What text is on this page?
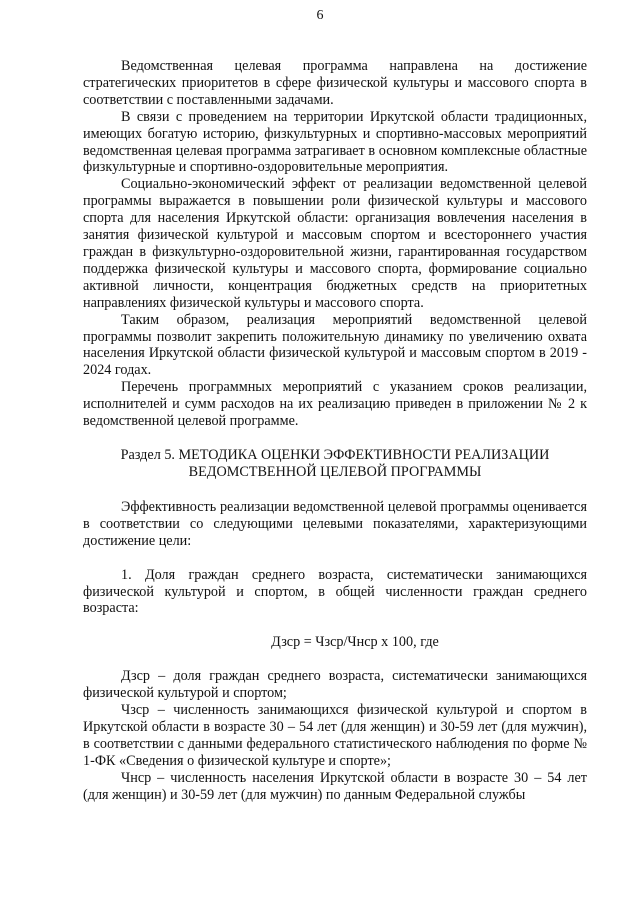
6

Ведомственная целевая программа направлена на достижение стратегических приоритетов в сфере физической культуры и массового спорта в соответствии с поставленными задачами.

В связи с проведением на территории Иркутской области традиционных, имеющих богатую историю, физкультурных и спортивно-массовых мероприятий ведомственная целевая программа затрагивает в основном комплексные областные физкультурные и спортивно-оздоровительные мероприятия.

Социально-экономический эффект от реализации ведомственной целевой программы выражается в повышении роли физической культуры и массового спорта для населения Иркутской области: организация вовлечения населения в занятия физической культурой и массовым спортом и всестороннего участия граждан в физкультурно-оздоровительной жизни, гарантированная государством поддержка физической культуры и массового спорта, формирование социально активной личности, концентрация бюджетных средств на приоритетных направлениях физической культуры и массового спорта.

Таким образом, реализация мероприятий ведомственной целевой программы позволит закрепить положительную динамику по увеличению охвата населения Иркутской области физической культурой и массовым спортом в 2019 - 2024 годах.

Перечень программных мероприятий с указанием сроков реализации, исполнителей и сумм расходов на их реализацию приведен в приложении № 2 к ведомственной целевой программе.

Раздел 5. МЕТОДИКА ОЦЕНКИ ЭФФЕКТИВНОСТИ РЕАЛИЗАЦИИ

ВЕДОМСТВЕННОЙ ЦЕЛЕВОЙ ПРОГРАММЫ

Эффективность реализации ведомственной целевой программы оценивается в соответствии со следующими целевыми показателями, характеризующими достижение цели:

1. Доля граждан среднего возраста, систематически занимающихся физической культурой и спортом, в общей численности граждан среднего возраста:

Дзср = Чзср/Чнср х 100, где

Дзср – доля граждан среднего возраста, систематически занимающихся физической культурой и спортом;

Чзср – численность занимающихся физической культурой и спортом в Иркутской области в возрасте 30 – 54 лет (для женщин) и 30-59 лет (для мужчин), в соответствии с данными федерального статистического наблюдения по форме № 1-ФК «Сведения о физической культуре и спорте»;

Чнср – численность населения Иркутской области в возрасте 30 – 54 лет (для женщин) и 30-59 лет (для мужчин) по данным Федеральной службы
